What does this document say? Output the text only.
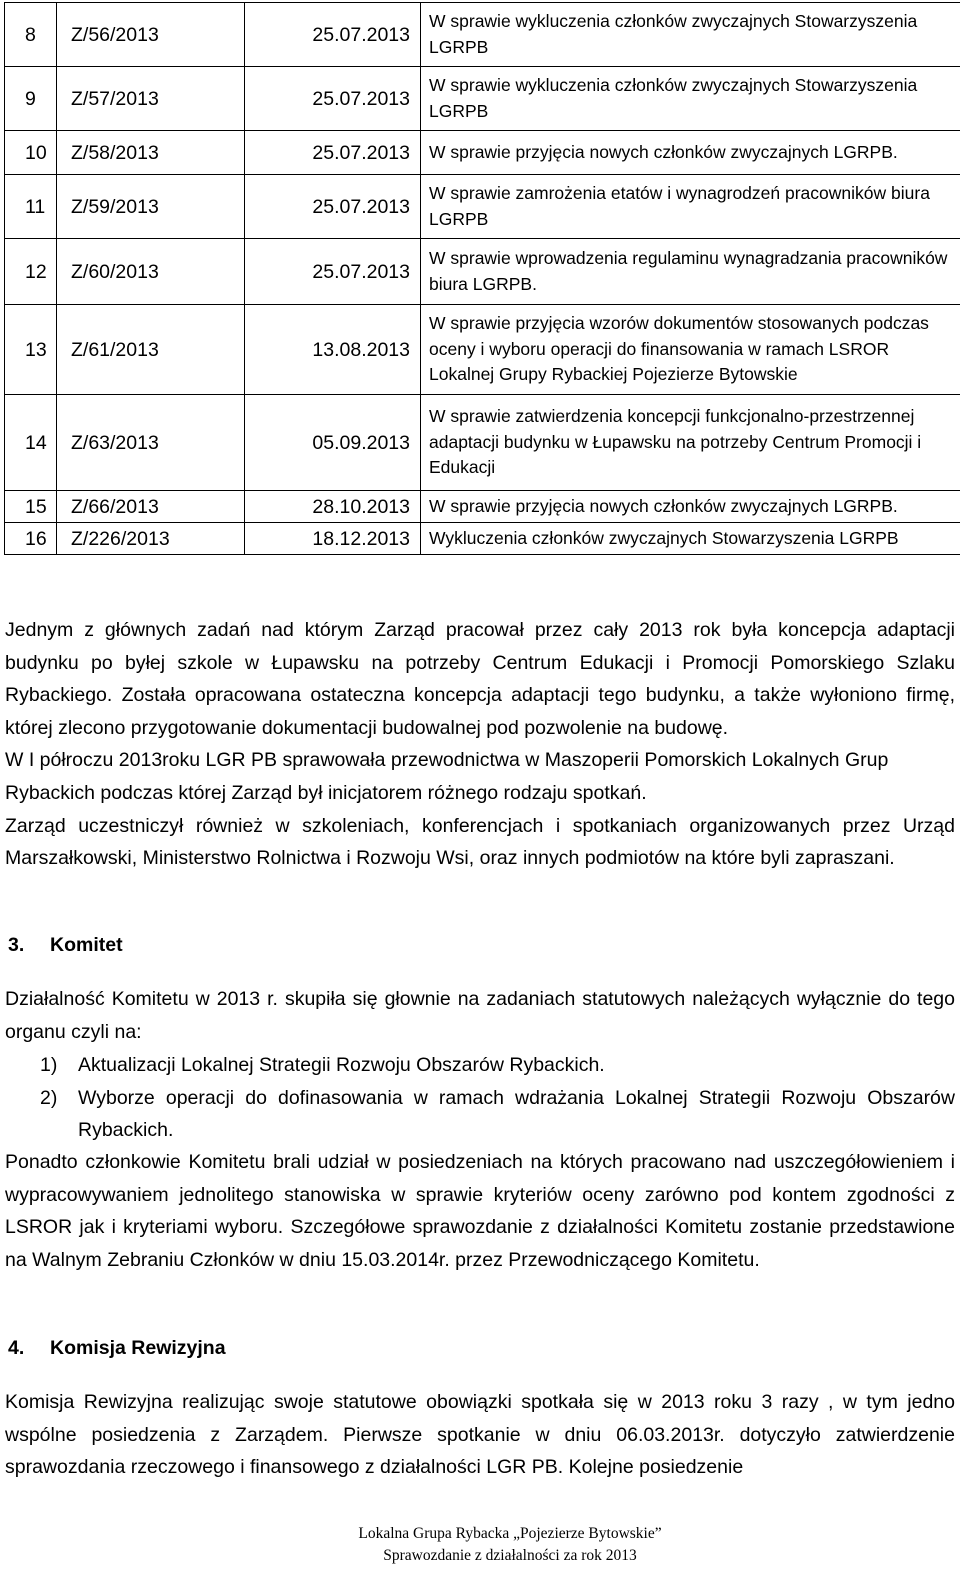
8	Z/56/2013	25.07.2013	W sprawie wykluczenia członków zwyczajnych Stowarzyszenia LGRPB
9	Z/57/2013	25.07.2013	W sprawie wykluczenia członków zwyczajnych Stowarzyszenia LGRPB
10	Z/58/2013	25.07.2013	W sprawie przyjęcia nowych członków zwyczajnych LGRPB.
11	Z/59/2013	25.07.2013	W sprawie zamrożenia etatów i wynagrodzeń pracowników biura LGRPB
12	Z/60/2013	25.07.2013	W sprawie wprowadzenia regulaminu wynagradzania pracowników biura LGRPB.
13	Z/61/2013	13.08.2013	W sprawie przyjęcia wzorów dokumentów stosowanych podczas oceny i wyboru operacji do finansowania w ramach LSROR Lokalnej Grupy Rybackiej Pojezierze Bytowskie
14	Z/63/2013	05.09.2013	W sprawie zatwierdzenia koncepcji funkcjonalno-przestrzennej adaptacji budynku w Łupawsku na potrzeby Centrum Promocji i Edukacji
15	Z/66/2013	28.10.2013	W sprawie przyjęcia nowych członków zwyczajnych LGRPB.
16	Z/226/2013	18.12.2013	Wykluczenia członków zwyczajnych Stowarzyszenia LGRPB

Jednym z głównych zadań nad którym Zarząd pracował przez cały 2013 rok była koncepcja adaptacji budynku po byłej szkole w Łupawsku na potrzeby Centrum Edukacji i Promocji Pomorskiego Szlaku Rybackiego. Została opracowana ostateczna koncepcja adaptacji tego budynku, a także wyłoniono firmę, której zlecono przygotowanie dokumentacji budowalnej pod pozwolenie na budowę.

W I półroczu 2013roku LGR PB sprawowała przewodnictwa w Maszoperii Pomorskich Lokalnych Grup Rybackich podczas której Zarząd był inicjatorem różnego rodzaju spotkań.

Zarząd uczestniczył również w szkoleniach, konferencjach i spotkaniach organizowanych przez Urząd Marszałkowski, Ministerstwo Rolnictwa i Rozwoju Wsi, oraz innych podmiotów na które byli zapraszani.

3. Komitet

Działalność Komitetu w 2013 r. skupiła się głownie na zadaniach statutowych należących wyłącznie do tego organu czyli na:

1) Aktualizacji Lokalnej Strategii Rozwoju Obszarów Rybackich.
2) Wyborze operacji do dofinasowania w ramach wdrażania Lokalnej Strategii Rozwoju Obszarów Rybackich.

Ponadto członkowie Komitetu brali udział w posiedzeniach na których pracowano nad uszczegółowieniem i wypracowywaniem jednolitego stanowiska w sprawie kryteriów oceny zarówno pod kontem zgodności z LSROR jak i kryteriami wyboru. Szczegółowe sprawozdanie z działalności Komitetu zostanie przedstawione na Walnym Zebraniu Członków w dniu 15.03.2014r. przez Przewodniczącego Komitetu.

4. Komisja Rewizyjna

Komisja Rewizyjna realizując swoje statutowe obowiązki spotkała się w 2013 roku 3 razy , w tym jedno wspólne posiedzenia z Zarządem. Pierwsze spotkanie w dniu 06.03.2013r. dotyczyło zatwierdzenie sprawozdania rzeczowego i finansowego z działalności LGR PB. Kolejne posiedzenie

Lokalna Grupa Rybacka „Pojezierze Bytowskie”
Sprawozdanie z działalności za rok 2013
